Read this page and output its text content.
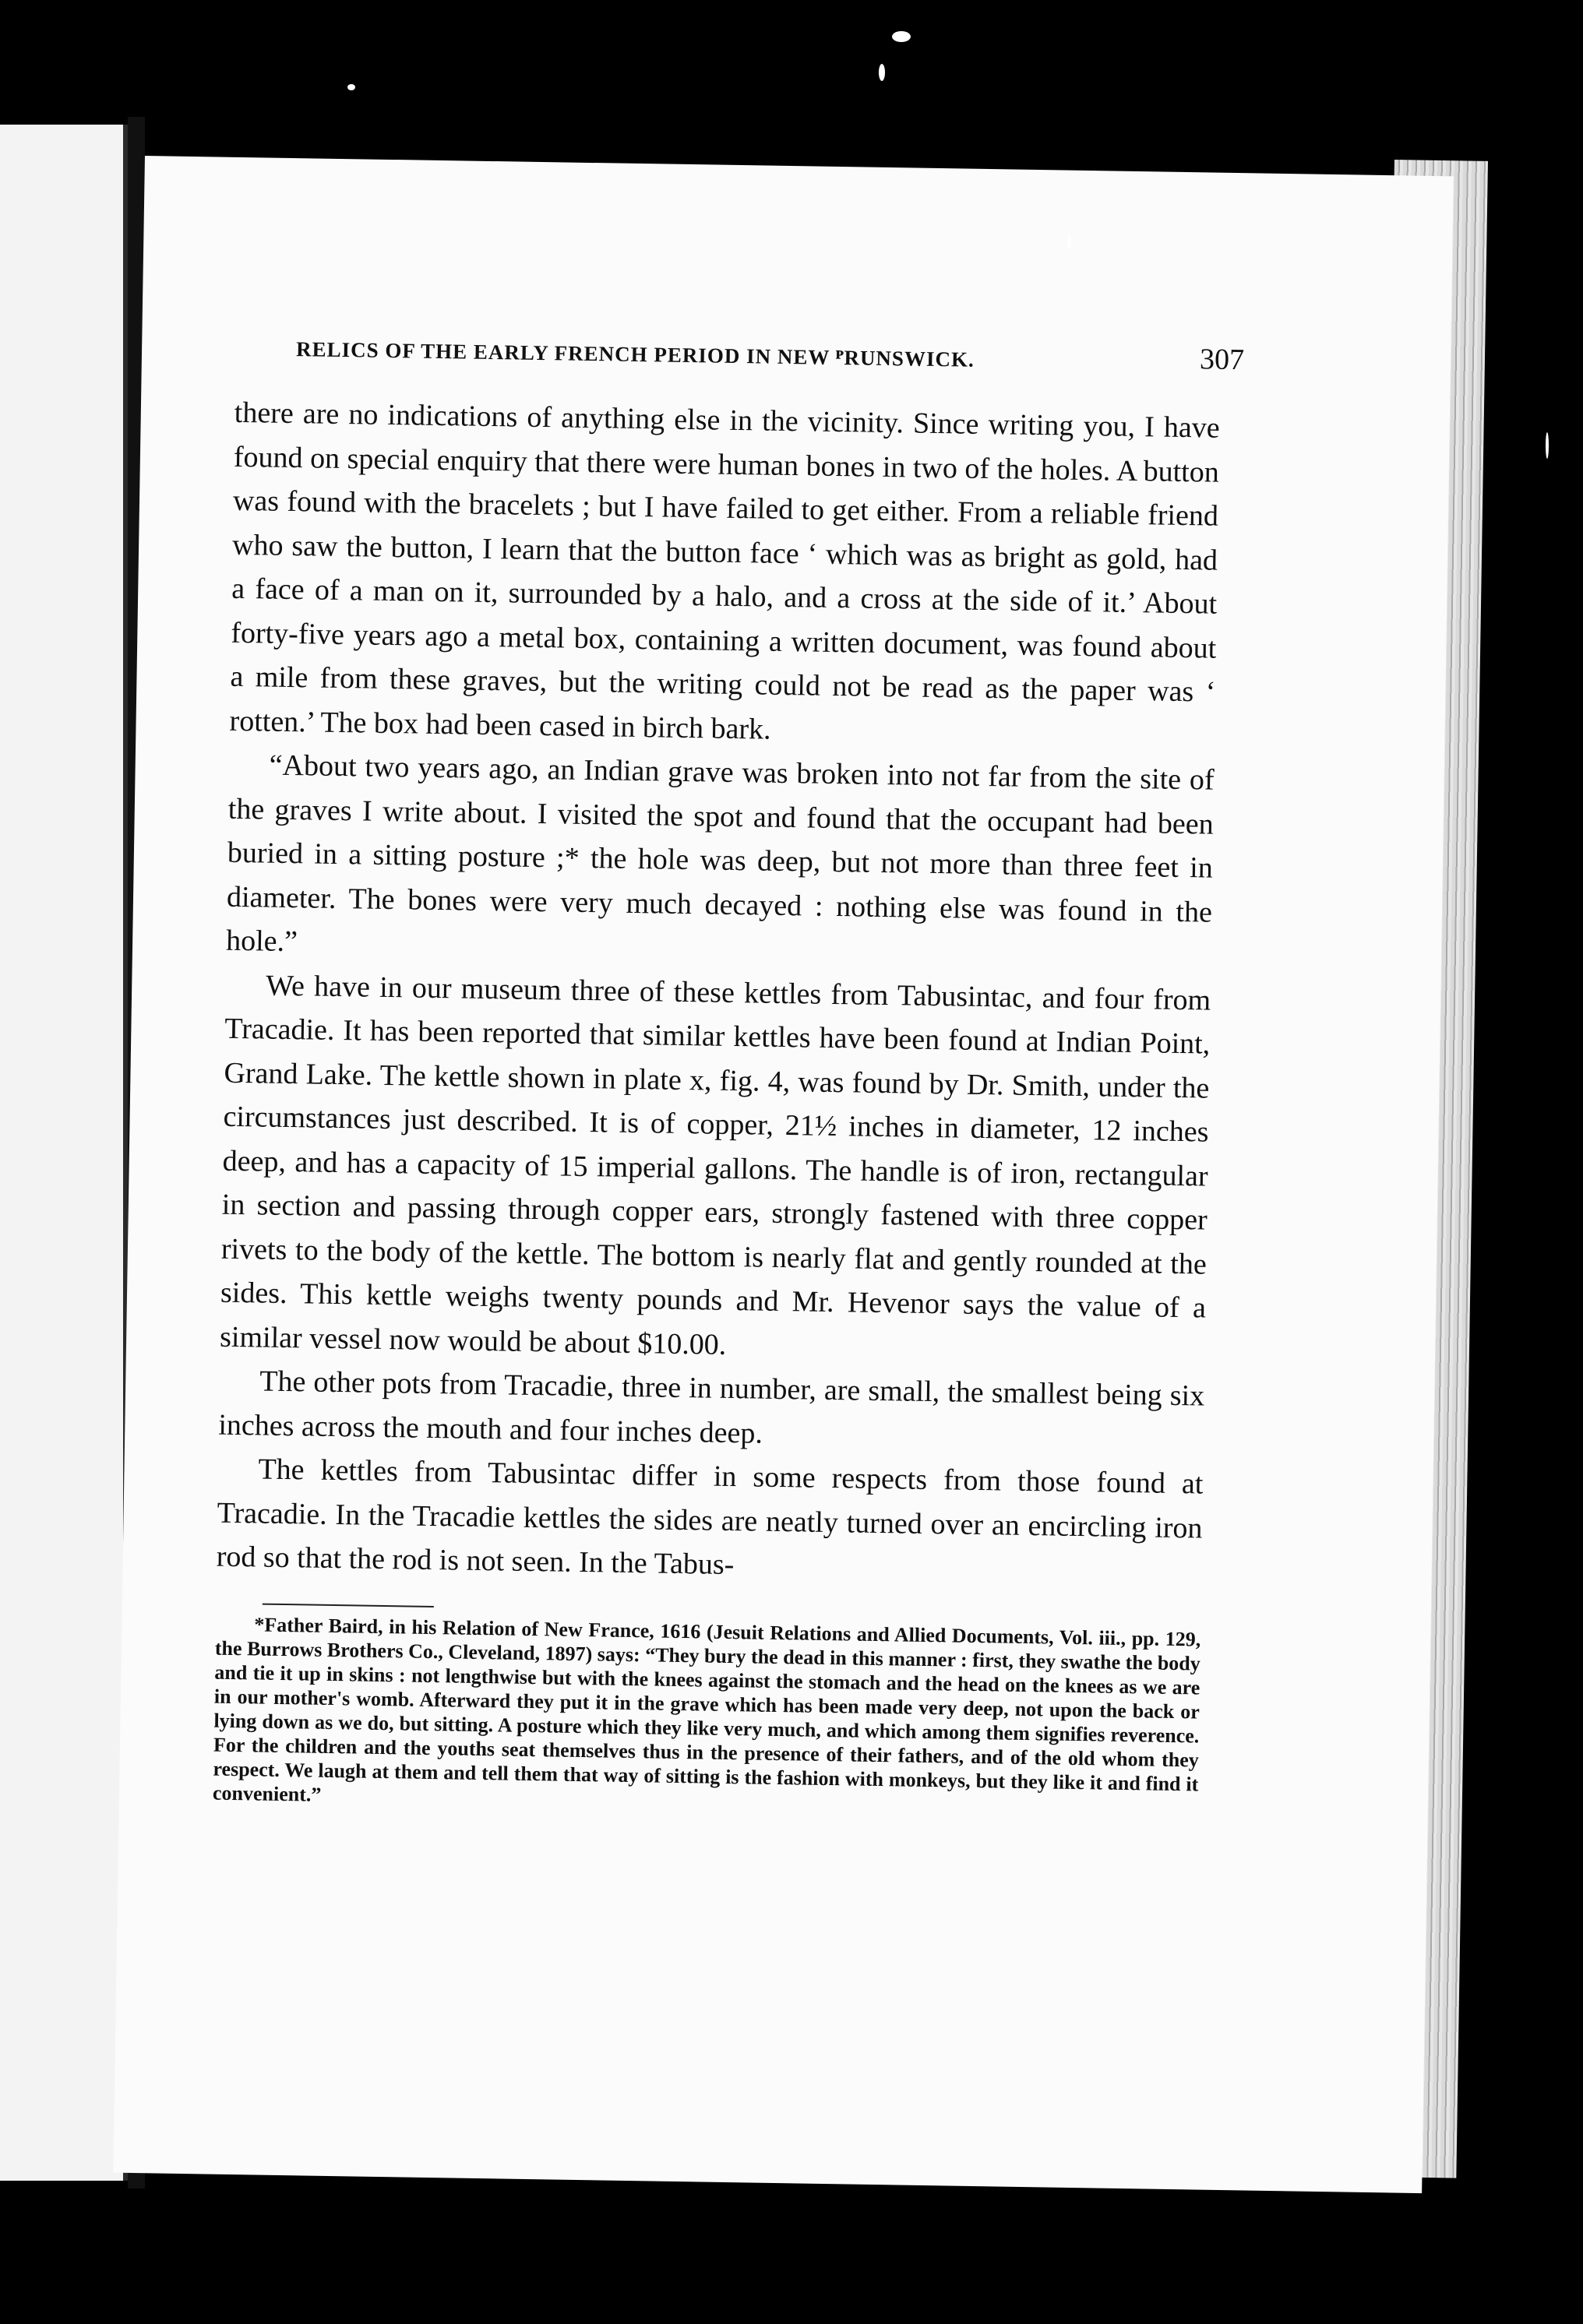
RELICS OF THE EARLY FRENCH PERIOD IN NEW ᴾRUNSWICK.	307

there are no indications of anything else in the vicinity. Since writing you, I have found on special enquiry that there were human bones in two of the holes. A button was found with the bracelets ; but I have failed to get either. From a reliable friend who saw the button, I learn that the button face ‘ which was as bright as gold, had a face of a man on it, surrounded by a halo, and a cross at the side of it.’ About forty-five years ago a metal box, containing a written document, was found about a mile from these graves, but the writing could not be read as the paper was ‘ rotten.’ The box had been cased in birch bark.

“About two years ago, an Indian grave was broken into not far from the site of the graves I write about. I visited the spot and found that the occupant had been buried in a sitting posture ;* the hole was deep, but not more than three feet in diameter. The bones were very much decayed : nothing else was found in the hole.”

We have in our museum three of these kettles from Tabusintac, and four from Tracadie. It has been reported that similar kettles have been found at Indian Point, Grand Lake. The kettle shown in plate x, fig. 4, was found by Dr. Smith, under the circumstances just described. It is of copper, 21½ inches in diameter, 12 inches deep, and has a capacity of 15 imperial gallons. The handle is of iron, rectangular in section and passing through copper ears, strongly fastened with three copper rivets to the body of the kettle. The bottom is nearly flat and gently rounded at the sides. This kettle weighs twenty pounds and Mr. Hevenor says the value of a similar vessel now would be about $10.00.

The other pots from Tracadie, three in number, are small, the smallest being six inches across the mouth and four inches deep.

The kettles from Tabusintac differ in some respects from those found at Tracadie. In the Tracadie kettles the sides are neatly turned over an encircling iron rod so that the rod is not seen. In the Tabus-

*Father Baird, in his Relation of New France, 1616 (Jesuit Relations and Allied Documents, Vol. iii., pp. 129, the Burrows Brothers Co., Cleveland, 1897) says: “They bury the dead in this manner : first, they swathe the body and tie it up in skins : not lengthwise but with the knees against the stomach and the head on the knees as we are in our mother's womb. Afterward they put it in the grave which has been made very deep, not upon the back or lying down as we do, but sitting. A posture which they like very much, and which among them signifies reverence. For the children and the youths seat themselves thus in the presence of their fathers, and of the old whom they respect. We laugh at them and tell them that way of sitting is the fashion with monkeys, but they like it and find it convenient.”
